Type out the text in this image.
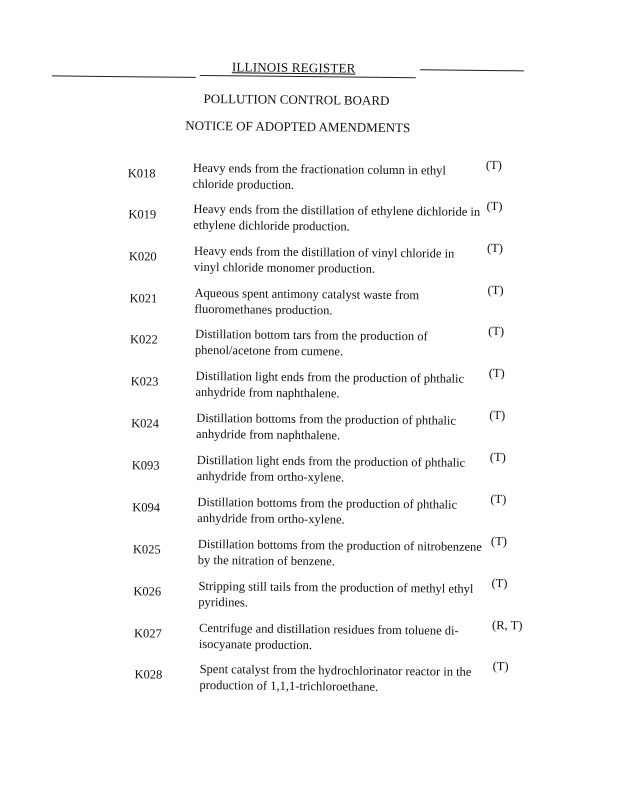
ILLINOIS REGISTER
POLLUTION CONTROL BOARD
NOTICE OF ADOPTED AMENDMENTS
K018	Heavy ends from the fractionation column in ethyl
chloride production.
(T)
K019	Heavy ends from the distillation of ethylene dichloride in
ethylene dichloride production.
(T)
K020	Heavy ends from the distillation of vinyl chloride in
vinyl chloride monomer production.
(T)
K021	Aqueous spent antimony catalyst waste from
fluoromethanes production.
(T)
K022	Distillation bottom tars from the production of
phenol/acetone from cumene.
(T)
K023	Distillation light ends from the production of phthalic
anhydride from naphthalene.
(T)
K024	Distillation bottoms from the production of phthalic
anhydride from naphthalene.
(T)
K093	Distillation light ends from the production of phthalic
anhydride from ortho-xylene.
(T)
K094	Distillation bottoms from the production of phthalic
anhydride from ortho-xylene.
(T)
K025	Distillation bottoms from the production of nitrobenzene
by the nitration of benzene.
(T)
K026	Stripping still tails from the production of methyl ethyl
pyridines.
(T)
K027	Centrifuge and distillation residues from toluene di-
isocyanate production.
(R, T)
K028	Spent catalyst from the hydrochlorinator reactor in the
production of 1,1,1-trichloroethane.
(T)
